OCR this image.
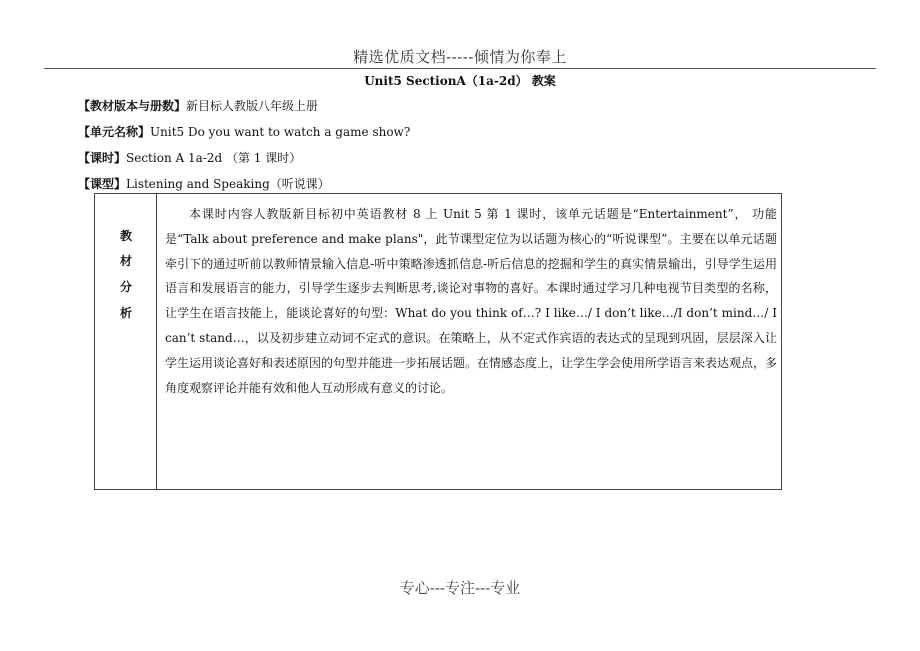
精选优质文档-----倾情为你奉上
Unit5 SectionA（1a-2d） 教案
【教材版本与册数】新目标人教版八年级上册
【单元名称】Unit5 Do you want to watch a game show?
【课时】Section A 1a-2d （第 1 课时）
【课型】Listening and Speaking（听说课）
教
材
分
析
本课时内容人教版新目标初中英语教材 8 上 Unit 5 第 1 课时，该单元话题是“Entertainment”， 功能是“Talk about preference and make plans"，此节课型定位为以话题为核心的“听说课型”。主要在以单元话题牵引下的通过听前以教师情景输入信息-听中策略渗透抓信息-听后信息的挖掘和学生的真实情景输出，引导学生运用语言和发展语言的能力，引导学生逐步去判断思考,谈论对事物的喜好。本课时通过学习几种电视节目类型的名称，让学生在语言技能上，能谈论喜好的句型：What do you think of…? I like…/ I don’t like…/I don’t mind…/ I can’t stand…，以及初步建立动词不定式的意识。在策略上，从不定式作宾语的表达式的呈现到巩固，层层深入让学生运用谈论喜好和表述原因的句型并能进一步拓展话题。在情感态度上，让学生学会使用所学语言来表达观点，多角度观察评论并能有效和他人互动形成有意义的讨论。
专心---专注---专业
